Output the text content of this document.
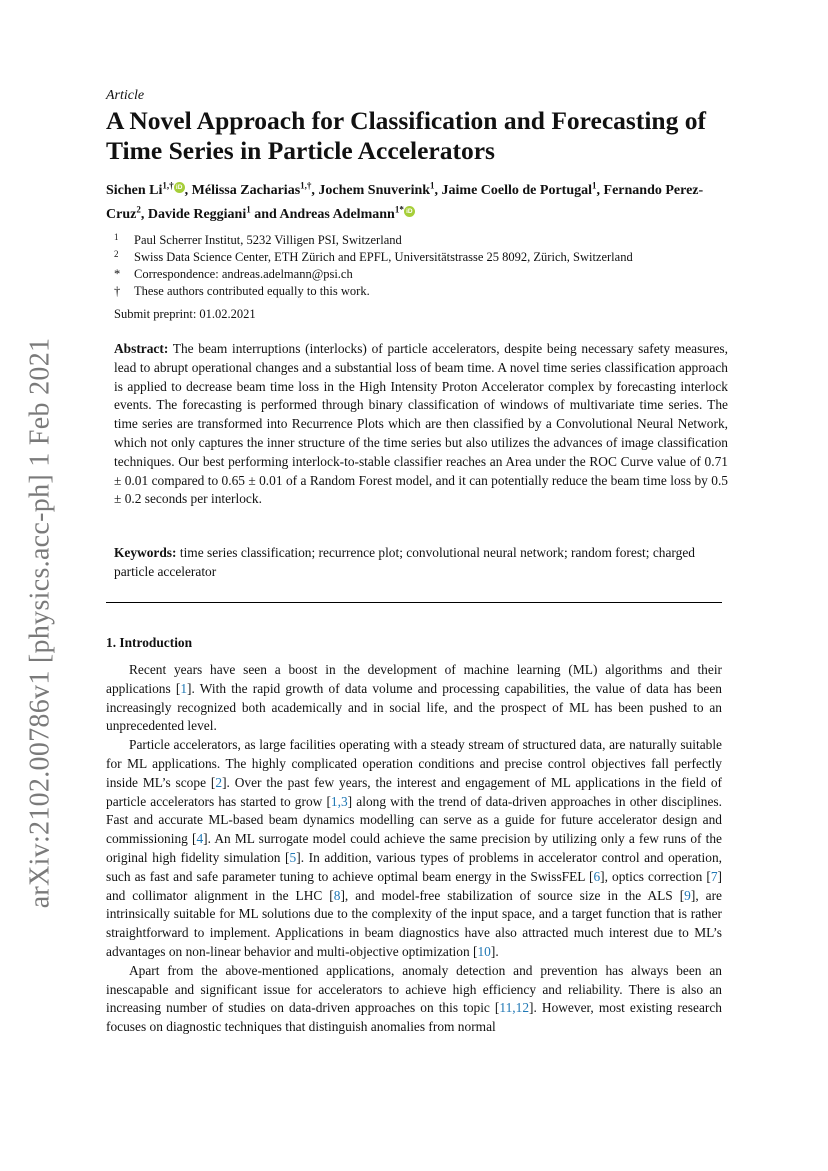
arXiv:2102.00786v1 [physics.acc-ph] 1 Feb 2021
Article
A Novel Approach for Classification and Forecasting of Time Series in Particle Accelerators
Sichen $Li^{1,\dagger}$ iD , Mélissa Zacharias$^{1,\dagger}$, Jochem Snuverink$^1$, Jaime Coello de Portugal$^1$, Fernando Perez-Cruz$^2$, Davide Reggiani$^1$ and Andreas Adelmann$^{1*}$ iD
1	Paul Scherrer Institut, 5232 Villigen PSI, Switzerland
2	Swiss Data Science Center, ETH Zürich and EPFL, Universitätstrasse 25 8092, Zürich, Switzerland
*	Correspondence: andreas.adelmann@psi.ch
†	These authors contributed equally to this work.
Submit preprint: 01.02.2021
Abstract: The beam interruptions (interlocks) of particle accelerators, despite being necessary safety measures, lead to abrupt operational changes and a substantial loss of beam time. A novel time series classification approach is applied to decrease beam time loss in the High Intensity Proton Accelerator complex by forecasting interlock events. The forecasting is performed through binary classification of windows of multivariate time series. The time series are transformed into Recurrence Plots which are then classified by a Convolutional Neural Network, which not only captures the inner structure of the time series but also utilizes the advances of image classification techniques. Our best performing interlock-to-stable classifier reaches an Area under the ROC Curve value of 0.71 ± 0.01 compared to 0.65 ± 0.01 of a Random Forest model, and it can potentially reduce the beam time loss by 0.5 ± 0.2 seconds per interlock.
Keywords: time series classification; recurrence plot; convolutional neural network; random forest; charged particle accelerator
1. Introduction

Recent years have seen a boost in the development of machine learning (ML) algorithms and their applications [1]. With the rapid growth of data volume and processing capabilities, the value of data has been increasingly recognized both academically and in social life, and the prospect of ML has been pushed to an unprecedented level.

Particle accelerators, as large facilities operating with a steady stream of structured data, are naturally suitable for ML applications. The highly complicated operation conditions and precise control objectives fall perfectly inside ML’s scope [2]. Over the past few years, the interest and engagement of ML applications in the field of particle accelerators has started to grow [1,3] along with the trend of data-driven approaches in other disciplines. Fast and accurate ML-based beam dynamics modelling can serve as a guide for future accelerator design and commissioning [4]. An ML surrogate model could achieve the same precision by utilizing only a few runs of the original high fidelity simulation [5]. In addition, various types of problems in accelerator control and operation, such as fast and safe parameter tuning to achieve optimal beam energy in the SwissFEL [6], optics correction [7] and collimator alignment in the LHC [8], and model-free stabilization of source size in the ALS [9], are intrinsically suitable for ML solutions due to the complexity of the input space, and a target function that is rather straightforward to implement. Applications in beam diagnostics have also attracted much interest due to ML’s advantages on non-linear behavior and multi-objective optimization [10].

Apart from the above-mentioned applications, anomaly detection and prevention has always been an inescapable and significant issue for accelerators to achieve high efficiency and reliability. There is also an increasing number of studies on data-driven approaches on this topic [11,12]. However, most existing research focuses on diagnostic techniques that distinguish anomalies from normal
